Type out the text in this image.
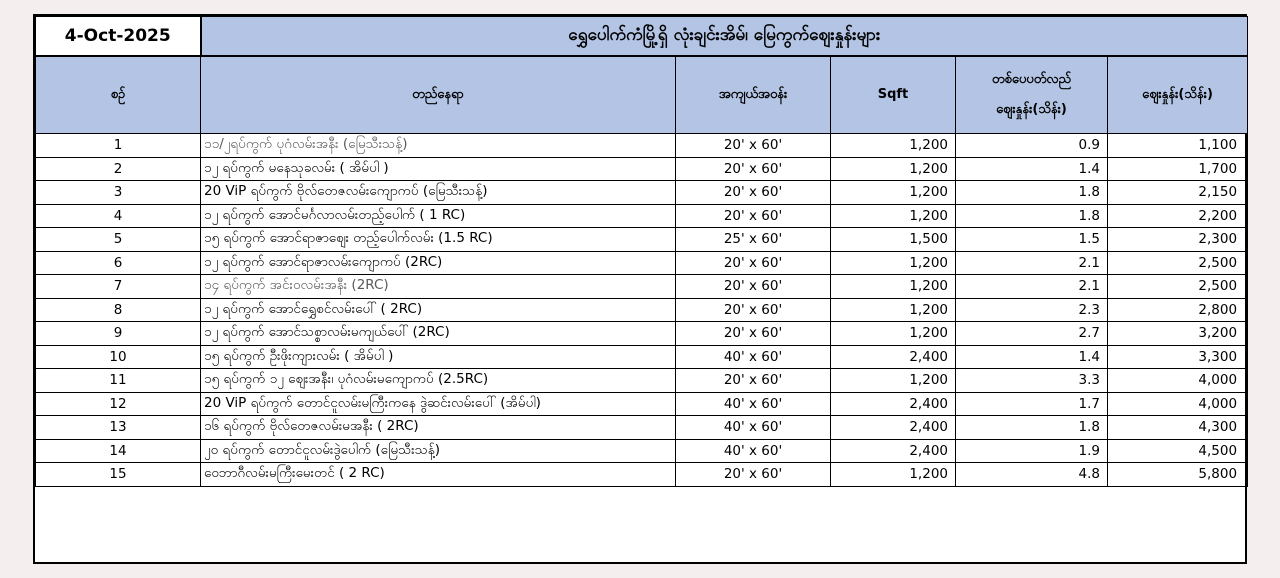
4-Oct-2025	ရွှေပေါက်ကံမြို့ရှိ လုံးချင်းအိမ်၊ မြေကွက်ဈေးနှုန်းများ				
စဉ်	တည်နေရာ	အကျယ်အဝန်း	Sqft	တစ်ပေပတ်လည် ဈေးနှုန်း(သိန်း)	ဈေးနှုန်း(သိန်း)
1	၁၁/၂ရပ်ကွက် ပုဂံလမ်းအနီး (မြေသီးသန့်)	20' x 60'	1,200	0.9	1,100
2	၁၂ ရပ်ကွက် မနေသုခလမ်း ( အိမ်ပါ )	20' x 60'	1,200	1.4	1,700
3	20 ViP ရပ်ကွက် ဗိုလ်တေဇလမ်းကျောကပ် (မြေသီးသန့်)	20' x 60'	1,200	1.8	2,150
4	၁၂ ရပ်ကွက် အောင်မင်္ဂလာလမ်းတည့်ပေါက် ( 1 RC)	20' x 60'	1,200	1.8	2,200
5	၁၅ ရပ်ကွက် အောင်ရာဇာဈေး တည့်ပေါက်လမ်း (1.5 RC)	25' x 60'	1,500	1.5	2,300
6	၁၂ ရပ်ကွက် အောင်ရာဇာလမ်းကျောကပ် (2RC)	20' x 60'	1,200	2.1	2,500
7	၁၄ ရပ်ကွက် အင်းဝလမ်းအနီး (2RC)	20' x 60'	1,200	2.1	2,500
8	၁၂ ရပ်ကွက် အောင်ရွှေစင်လမ်းပေါ် ( 2RC)	20' x 60'	1,200	2.3	2,800
9	၁၂ ရပ်ကွက် အောင်သစ္စာလမ်းမကျယ်ပေါ် (2RC)	20' x 60'	1,200	2.7	3,200
10	၁၅ ရပ်ကွက် ဦးဖိုးကျားလမ်း ( အိမ်ပါ )	40' x 60'	2,400	1.4	3,300
11	၁၅ ရပ်ကွက် ၁၂ ဈေးအနီး၊ ပုဂံလမ်းမကျောကပ် (2.5RC)	20' x 60'	1,200	3.3	4,000
12	20 ViP ရပ်ကွက် တောင်ငူလမ်းမကြီးကနေ ဒွဲဆင်းလမ်းပေါ် (အိမ်ပါ)	40' x 60'	2,400	1.7	4,000
13	၁၆ ရပ်ကွက် ဗိုလ်တေဇလမ်းမအနီး ( 2RC)	40' x 60'	2,400	1.8	4,300
14	၂၀ ရပ်ကွက် တောင်ငူလမ်းဒွဲပေါက် (မြေသီးသန့်)	40' x 60'	2,400	1.9	4,500
15	ဝေဘာဂီလမ်းမကြီးမေးတင် ( 2 RC)	20' x 60'	1,200	4.8	5,800
